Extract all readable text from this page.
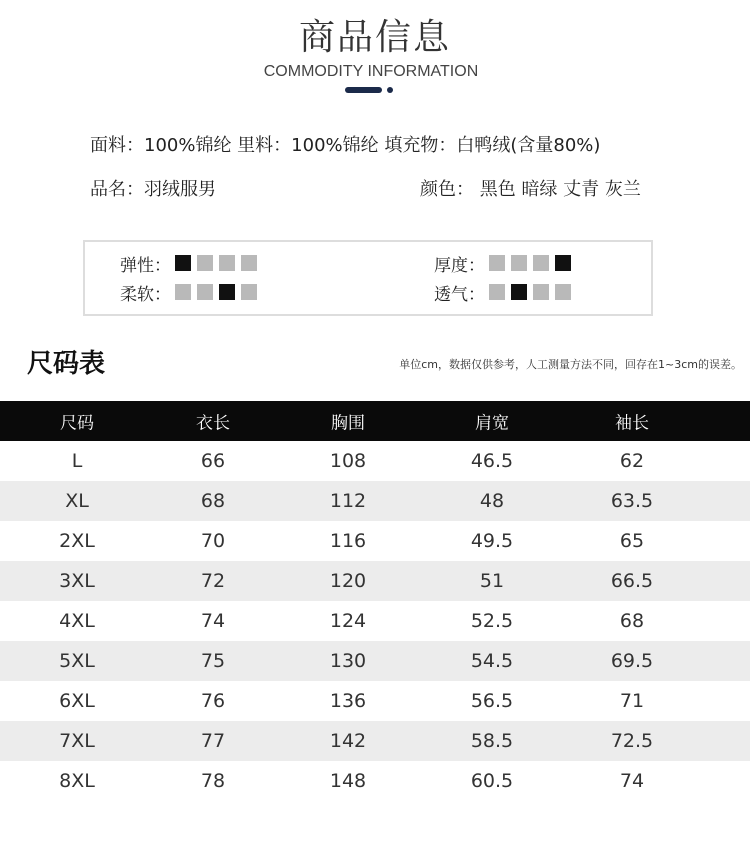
商品信息
COMMODITY INFORMATION
面料：100%锦纶 里料：100%锦纶 填充物：白鸭绒(含量80%)
品名：羽绒服男	颜色： 黑色 暗绿 丈青 灰兰
弹性：
柔软：
厚度：
透气：
尺码表	单位cm，数据仅供参考，人工测量方法不同，回存在1~3cm的误差。
尺码	衣长	胸围	肩宽	袖长
L	66	108	46.5	62
XL	68	112	48	63.5
2XL	70	116	49.5	65
3XL	72	120	51	66.5
4XL	74	124	52.5	68
5XL	75	130	54.5	69.5
6XL	76	136	56.5	71
7XL	77	142	58.5	72.5
8XL	78	148	60.5	74
